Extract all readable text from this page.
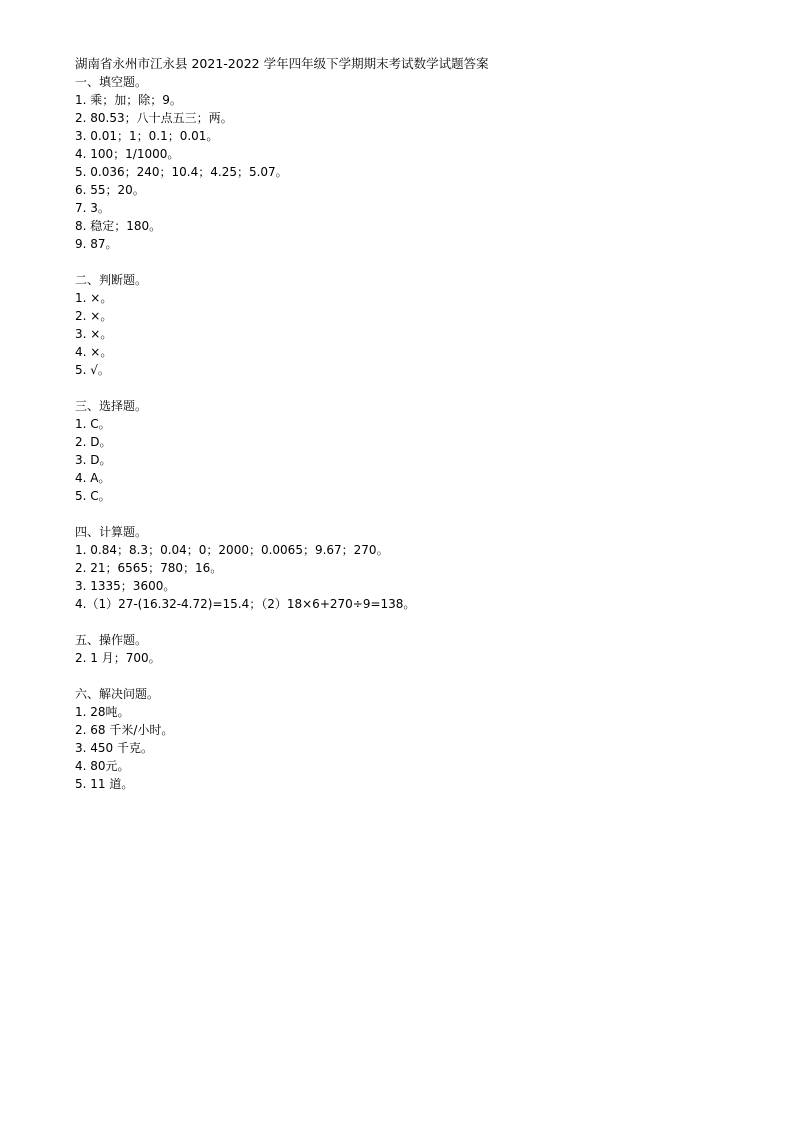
湖南省永州市江永县 2021-2022 学年四年级下学期期末考试数学试题答案
一、填空题。
1. 乘；加；除；9。
2. 80.53；八十点五三；两。
3. 0.01；1；0.1；0.01。
4. 100；1/1000。
5. 0.036；240；10.4；4.25；5.07。
6. 55；20。
7. 3。
8. 稳定；180。
9. 87。
二、判断题。
1. ×。
2. ×。
3. ×。
4. ×。
5. √。
三、选择题。
1. C。
2. D。
3. D。
4. A。
5. C。
四、计算题。
1. 0.84；8.3；0.04；0；2000；0.0065；9.67；270。
2. 21；6565；780；16。
3. 1335；3600。
4.（1）27-(16.32-4.72)=15.4；（2）18×6+270÷9=138。
五、操作题。
2. 1 月；700。
六、解决问题。
1. 28吨。
2. 68 千米/小时。
3. 450 千克。
4. 80元。
5. 11 道。
